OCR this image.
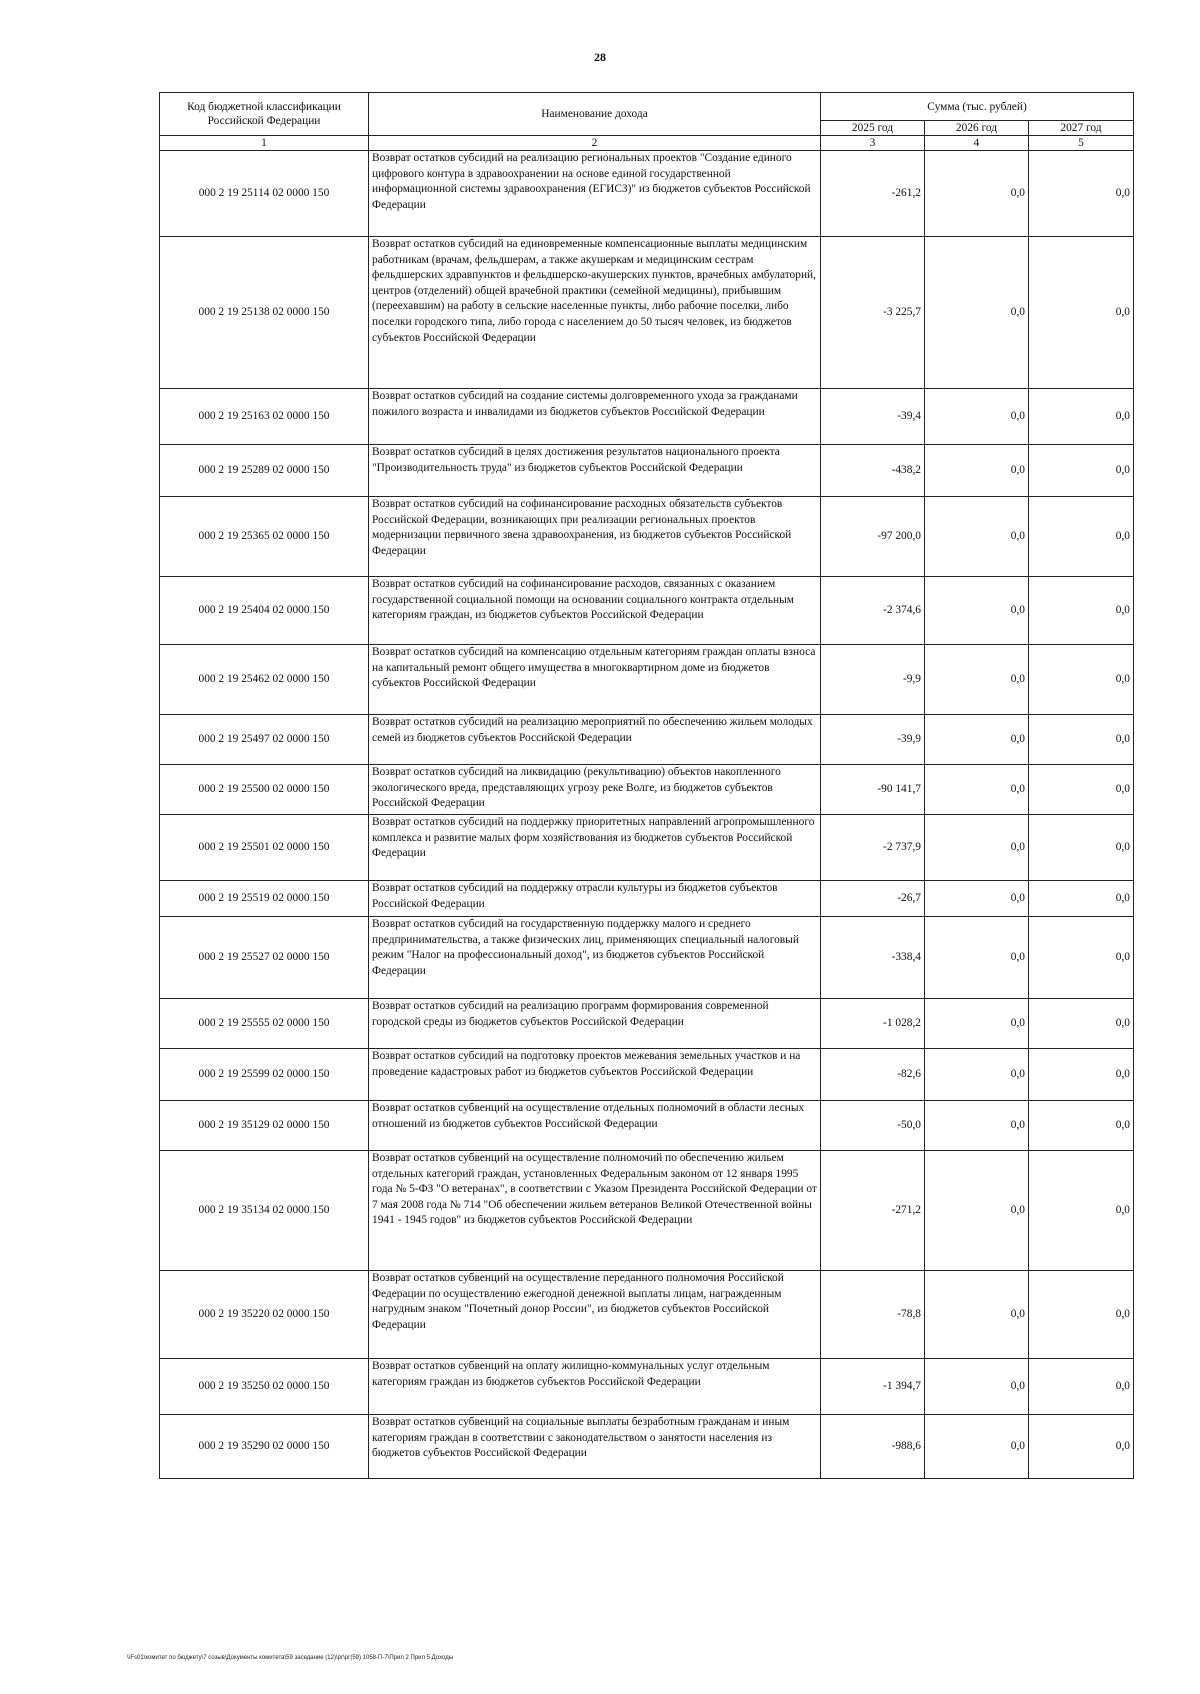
28
Код бюджетной классификации Российской Федерации	Наименование дохода	Сумма (тыс. рублей)		
		2025 год	2026 год	2027 год
1	2	3	4	5
000 2 19 25114 02 0000 150	Возврат остатков субсидий на реализацию региональных проектов "Создание единого цифрового контура в здравоохранении на основе единой государственной информационной системы здравоохранения (ЕГИСЗ)" из бюджетов субъектов Российской Федерации	-261,2	0,0	0,0
000 2 19 25138 02 0000 150	Возврат остатков субсидий на единовременные компенсационные выплаты медицинским работникам (врачам, фельдшерам, а также акушеркам и медицинским сестрам фельдшерских здравпунктов и фельдшерско-акушерских пунктов, врачебных амбулаторий, центров (отделений) общей врачебной практики (семейной медицины), прибывшим (переехавшим) на работу в сельские населенные пункты, либо рабочие поселки, либо поселки городского типа, либо города с населением до 50 тысяч человек, из бюджетов субъектов Российской Федерации	-3 225,7	0,0	0,0
000 2 19 25163 02 0000 150	Возврат остатков субсидий на создание системы долговременного ухода за гражданами пожилого возраста и инвалидами из бюджетов субъектов Российской Федерации	-39,4	0,0	0,0
000 2 19 25289 02 0000 150	Возврат остатков субсидий в целях достижения результатов национального проекта "Производительность труда" из бюджетов субъектов Российской Федерации	-438,2	0,0	0,0
000 2 19 25365 02 0000 150	Возврат остатков субсидий на софинансирование расходных обязательств субъектов Российской Федерации, возникающих при реализации региональных проектов модернизации первичного звена здравоохранения, из бюджетов субъектов Российской Федерации	-97 200,0	0,0	0,0
000 2 19 25404 02 0000 150	Возврат остатков субсидий на софинансирование расходов, связанных с оказанием государственной социальной помощи на основании социального контракта отдельным категориям граждан, из бюджетов субъектов Российской Федерации	-2 374,6	0,0	0,0
000 2 19 25462 02 0000 150	Возврат остатков субсидий на компенсацию отдельным категориям граждан оплаты взноса на капитальный ремонт общего имущества в многоквартирном доме из бюджетов субъектов Российской Федерации	-9,9	0,0	0,0
000 2 19 25497 02 0000 150	Возврат остатков субсидий на реализацию мероприятий по обеспечению жильем молодых семей из бюджетов субъектов Российской Федерации	-39,9	0,0	0,0
000 2 19 25500 02 0000 150	Возврат остатков субсидий на ликвидацию (рекультивацию) объектов накопленного экологического вреда, представляющих угрозу реке Волге, из бюджетов субъектов Российской Федерации	-90 141,7	0,0	0,0
000 2 19 25501 02 0000 150	Возврат остатков субсидий на поддержку приоритетных направлений агропромышленного комплекса и развитие малых форм хозяйствования из бюджетов субъектов Российской Федерации	-2 737,9	0,0	0,0
000 2 19 25519 02 0000 150	Возврат остатков субсидий на поддержку отрасли культуры из бюджетов субъектов Российской Федерации	-26,7	0,0	0,0
000 2 19 25527 02 0000 150	Возврат остатков субсидий на государственную поддержку малого и среднего предпринимательства, а также физических лиц, применяющих специальный налоговый режим "Налог на профессиональный доход", из бюджетов субъектов Российской Федерации	-338,4	0,0	0,0
000 2 19 25555 02 0000 150	Возврат остатков субсидий на реализацию программ формирования современной городской среды из бюджетов субъектов Российской Федерации	-1 028,2	0,0	0,0
000 2 19 25599 02 0000 150	Возврат остатков субсидий на подготовку проектов межевания земельных участков и на проведение кадастровых работ из бюджетов субъектов Российской Федерации	-82,6	0,0	0,0
000 2 19 35129 02 0000 150	Возврат остатков субвенций на осуществление отдельных полномочий в области лесных отношений из бюджетов субъектов Российской Федерации	-50,0	0,0	0,0
000 2 19 35134 02 0000 150	Возврат остатков субвенций на осуществление полномочий по обеспечению жильем отдельных категорий граждан, установленных Федеральным законом от 12 января 1995 года № 5-ФЗ "О ветеранах", в соответствии с Указом Президента Российской Федерации от 7 мая 2008 года № 714 "Об обеспечении жильем ветеранов Великой Отечественной войны 1941 - 1945 годов" из бюджетов субъектов Российской Федерации	-271,2	0,0	0,0
000 2 19 35220 02 0000 150	Возврат остатков субвенций на осуществление переданного полномочия Российской Федерации по осуществлению ежегодной денежной выплаты лицам, награжденным нагрудным знаком "Почетный донор России", из бюджетов субъектов Российской Федерации	-78,8	0,0	0,0
000 2 19 35250 02 0000 150	Возврат остатков субвенций на оплату жилищно-коммунальных услуг отдельным категориям граждан из бюджетов субъектов Российской Федерации	-1 394,7	0,0	0,0
000 2 19 35290 02 0000 150	Возврат остатков субвенций на социальные выплаты безработным гражданам и иным категориям граждан в соответствии с законодательством о занятости населения из бюджетов субъектов Российской Федерации	-988,6	0,0	0,0
\\Fs01\комитет по бюджету\7 созыв\Документы комитета\59 заседание (12)\рг\рг(59) 1058-П-7\Прил 2 Прил 5 Доходы
